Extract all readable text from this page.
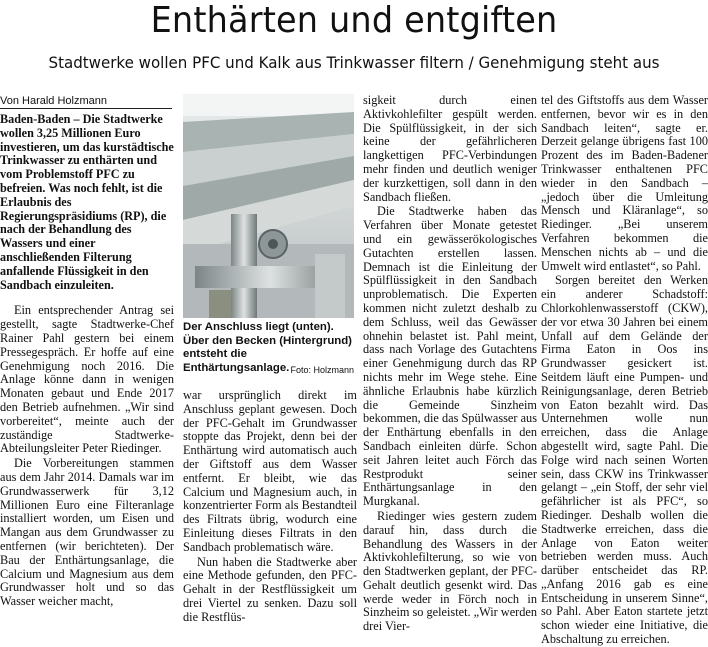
Enthärten und entgiften
Stadtwerke wollen PFC und Kalk aus Trinkwasser filtern / Genehmigung steht aus
Von Harald Holzmann

Baden-Baden – Die Stadtwerke wollen 3,25 Millionen Euro investieren, um das kurstädtische Trinkwasser zu enthärten und vom Problemstoff PFC zu befreien. Was noch fehlt, ist die Erlaubnis des Regierungspräsidiums (RP), die nach der Behandlung des Wassers und einer anschließenden Filterung anfallende Flüssigkeit in den Sandbach einzuleiten.

Ein entsprechender Antrag sei gestellt, sagte Stadtwerke-Chef Rainer Pahl gestern bei einem Pressegespräch. Er hoffe auf eine Genehmigung noch 2016. Die Anlage könne dann in wenigen Monaten gebaut und Ende 2017 den Betrieb aufnehmen. „Wir sind vorbereitet“, meinte auch der zuständige Stadtwerke-Abteilungsleiter Peter Riedinger.

Die Vorbereitungen stammen aus dem Jahr 2014. Damals war im Grundwasserwerk für 3,12 Millionen Euro eine Filteranlage installiert worden, um Eisen und Mangan aus dem Grundwasser zu entfernen (wir berichteten). Der Bau der Enthärtungsanlage, die Calcium und Magnesium aus dem Grundwasser holt und so das Wasser weicher macht,

Der Anschluss liegt (unten). Über den Becken (Hintergrund) entsteht die Enthärtungsanlage. Foto: Holzmann

war ursprünglich direkt im Anschluss geplant gewesen. Doch der PFC-Gehalt im Grundwasser stoppte das Projekt, denn bei der Enthärtung wird automatisch auch der Giftstoff aus dem Wasser entfernt. Er bleibt, wie das Calcium und Magnesium auch, in konzentrierter Form als Bestandteil des Filtrats übrig, wodurch eine Einleitung dieses Filtrats in den Sandbach problematisch wäre.

Nun haben die Stadtwerke aber eine Methode gefunden, den PFC-Gehalt in der Restflüssigkeit um drei Viertel zu senken. Dazu soll die Restflüs-

sigkeit durch einen Aktivkohlefilter gespült werden. Die Spülflüssigkeit, in der sich keine der gefährlicheren langkettigen PFC-Verbindungen mehr finden und deutlich weniger der kurzkettigen, soll dann in den Sandbach fließen.

Die Stadtwerke haben das Verfahren über Monate getestet und ein gewässerökologisches Gutachten erstellen lassen. Demnach ist die Einleitung der Spülflüssigkeit in den Sandbach unproblematisch. Die Experten kommen nicht zuletzt deshalb zu dem Schluss, weil das Gewässer ohnehin belastet ist. Pahl meint, dass nach Vorlage des Gutachtens einer Genehmigung durch das RP nichts mehr im Wege stehe. Eine ähnliche Erlaubnis habe kürzlich die Gemeinde Sinzheim bekommen, die das Spülwasser aus der Enthärtung ebenfalls in den Sandbach einleiten dürfe. Schon seit Jahren leitet auch Förch das Restprodukt seiner Enthärtungsanlage in den Murgkanal.

Riedinger wies gestern zudem darauf hin, dass durch die Behandlung des Wassers in der Aktivkohlefilterung, so wie von den Stadtwerken geplant, der PFC-Gehalt deutlich gesenkt wird. Das werde weder in Förch noch in Sinzheim so geleistet. „Wir werden drei Vier-

tel des Giftstoffs aus dem Wasser entfernen, bevor wir es in den Sandbach leiten“, sagte er. Derzeit gelange übrigens fast 100 Prozent des im Baden-Badener Trinkwasser enthaltenen PFC wieder in den Sandbach – „jedoch über die Umleitung Mensch und Kläranlage“, so Riedinger. „Bei unserem Verfahren bekommen die Menschen nichts ab – und die Umwelt wird entlastet“, so Pahl.

Sorgen bereitet den Werken ein anderer Schadstoff: Chlorkohlenwasserstoff (CKW), der vor etwa 30 Jahren bei einem Unfall auf dem Gelände der Firma Eaton in Oos ins Grundwasser gesickert ist. Seitdem läuft eine Pumpen- und Reinigungsanlage, deren Betrieb von Eaton bezahlt wird. Das Unternehmen wolle nun erreichen, dass die Anlage abgestellt wird, sagte Pahl. Die Folge wird nach seinen Worten sein, dass CKW ins Trinkwasser gelangt – „ein Stoff, der sehr viel gefährlicher ist als PFC“, so Riedinger. Deshalb wollen die Stadtwerke erreichen, dass die Anlage von Eaton weiter betrieben werden muss. Auch darüber entscheidet das RP. „Anfang 2016 gab es eine Entscheidung in unserem Sinne“, so Pahl. Aber Eaton startete jetzt schon wieder eine Initiative, die Abschaltung zu erreichen.
